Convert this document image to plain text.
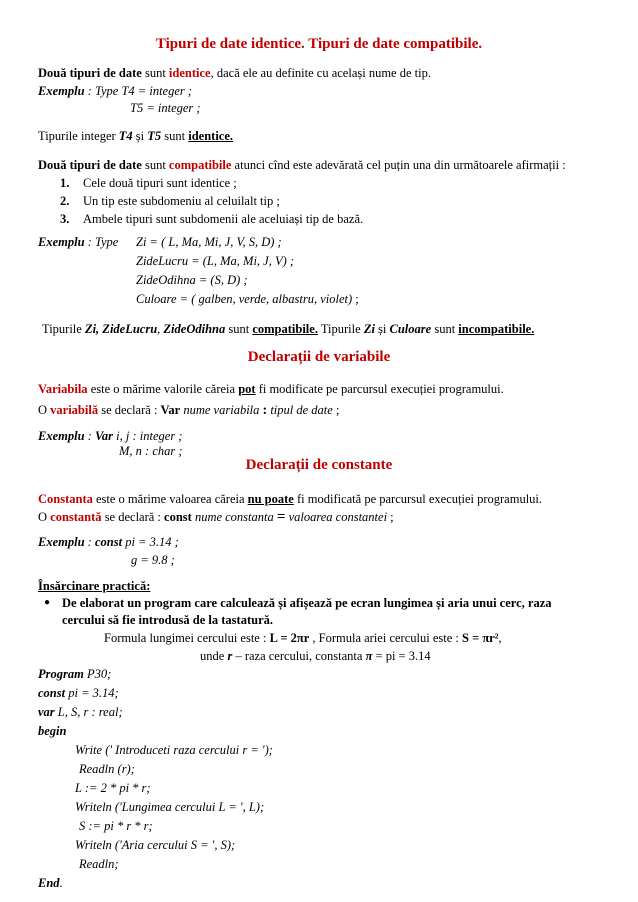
Tipuri de date identice. Tipuri de date compatibile.
Două tipuri de date sunt identice, dacă ele au definite cu același nume de tip.
Exemplu : Type T4 = integer ;
T5 = integer ;
Tipurile integer T4 și T5 sunt identice.
Două tipuri de date sunt compatibile atunci cînd este adevărată cel puțin una din următoarele afirmații :
1. Cele două tipuri sunt identice ;
2. Un tip este subdomeniu al celuilalt tip ;
3. Ambele tipuri sunt subdomenii ale aceluiași tip de bază.
Exemplu : Type Zi = ( L, Ma, Mi, J, V, S, D) ;
ZideLucru = (L, Ma, Mi, J, V) ;
ZideOdihna = (S, D) ;
Culoare = ( galben, verde, albastru, violet) ;
Tipurile Zi, ZideLucru, ZideOdihna sunt compatibile. Tipurile Zi și Culoare sunt incompatibile.
Declarații de variabile
Variabila este o mărime valorile căreia pot fi modificate pe parcursul execuției programului.
O variabilă se declară : Var nume variabila : tipul de date ;
Exemplu : Var i, j : integer ;
M, n : char ;
Declarații de constante
Constanta este o mărime valoarea căreia nu poate fi modificată pe parcursul execuției programului.
O constantă se declară : const nume constanta = valoarea constantei ;
Exemplu : const pi = 3.14 ;
g = 9.8 ;
Însărcinare practică:
● De elaborat un program care calculează și afișează pe ecran lungimea și aria unui cerc, raza
cercului să fie introdusă de la tastatură.
Formula lungimei cercului este : L = 2πr , Formula ariei cercului este : S = πr²,
unde r – raza cercului, constanta π = pi = 3.14
Program P30;
const pi = 3.14;
var L, S, r : real;
begin
Write (' Introduceti raza cercului r = ');
Readln (r);
L := 2 * pi * r;
Writeln ('Lungimea cercului L = ', L);
S := pi * r * r;
Writeln ('Aria cercului S = ', S);
Readln;
End.
